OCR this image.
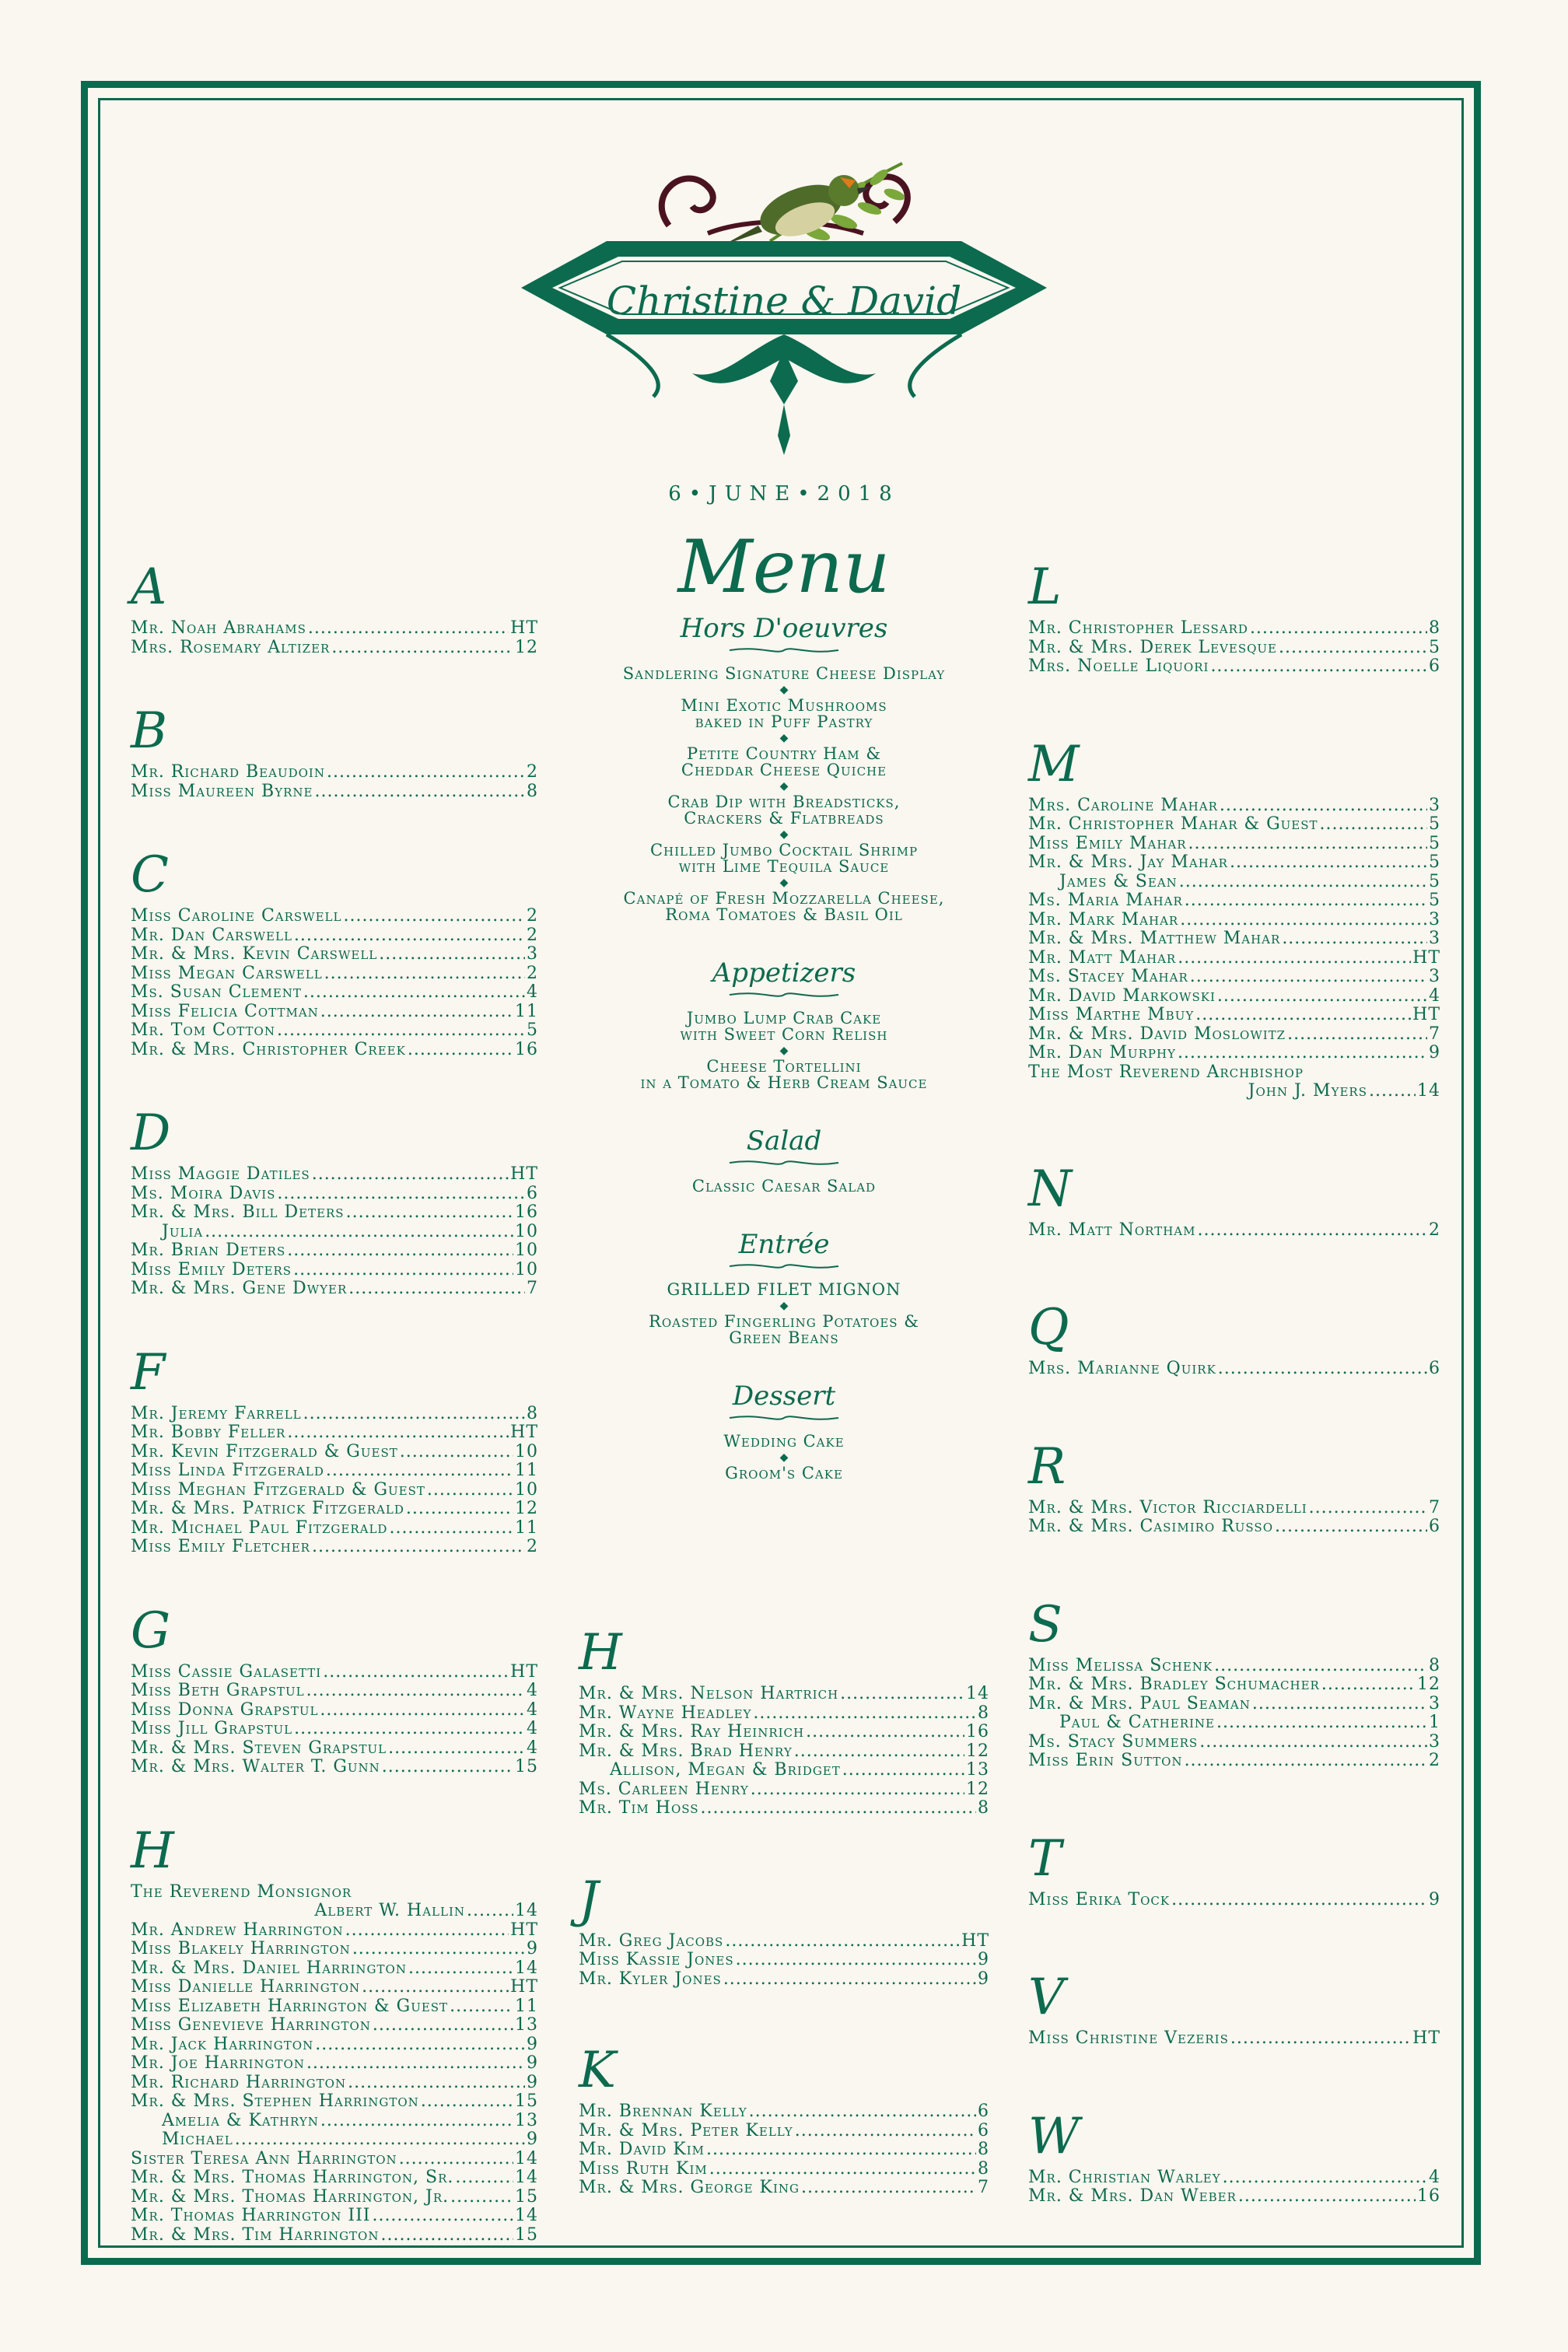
Christine & David
6•JUNE•2018
A
Mr. Noah Abrahams .....	HT
Mrs. Rosemary Altizer .....	12
B
Mr. Richard Beaudoin .....	2
Miss Maureen Byrne .....	8
C
Miss Caroline Carswell .....	2
Mr. Dan Carswell .....	2
Mr. & Mrs. Kevin Carswell .....	3
Miss Megan Carswell .....	2
Ms. Susan Clement .....	4
Miss Felicia Cottman .....	11
Mr. Tom Cotton .....	5
Mr. & Mrs. Christopher Creek .....	16
D
Miss Maggie Datiles .....	HT
Ms. Moira Davis .....	6
Mr. & Mrs. Bill Deters .....	16
Julia .....	10
Mr. Brian Deters .....	10
Miss Emily Deters .....	10
Mr. & Mrs. Gene Dwyer .....	7
F
Mr. Jeremy Farrell .....	8
Mr. Bobby Feller .....	HT
Mr. Kevin Fitzgerald & Guest .....	10
Miss Linda Fitzgerald .....	11
Miss Meghan Fitzgerald & Guest .....	10
Mr. & Mrs. Patrick Fitzgerald .....	12
Mr. Michael Paul Fitzgerald .....	11
Miss Emily Fletcher .....	2
G
Miss Cassie Galasetti .....	HT
Miss Beth Grapstul .....	4
Miss Donna Grapstul .....	4
Miss Jill Grapstul .....	4
Mr. & Mrs. Steven Grapstul .....	4
Mr. & Mrs. Walter T. Gunn .....	15
H
The Reverend Monsignor
Albert W. Hallin .....	14
Mr. Andrew Harrington .....	HT
Miss Blakely Harrington .....	9
Mr. & Mrs. Daniel Harrington .....	14
Miss Danielle Harrington .....	HT
Miss Elizabeth Harrington & Guest .....	11
Miss Genevieve Harrington .....	13
Mr. Jack Harrington .....	9
Mr. Joe Harrington .....	9
Mr. Richard Harrington .....	9
Mr. & Mrs. Stephen Harrington .....	15
Amelia & Kathryn .....	13
Michael .....	9
Sister Teresa Ann Harrington .....	14
Mr. & Mrs. Thomas Harrington, Sr. .....	14
Mr. & Mrs. Thomas Harrington, Jr. .....	15
Mr. Thomas Harrington III .....	14
Mr. & Mrs. Tim Harrington .....	15
H
Mr. & Mrs. Nelson Hartrich .....	14
Mr. Wayne Headley .....	8
Mr. & Mrs. Ray Heinrich .....	16
Mr. & Mrs. Brad Henry .....	12
Allison, Megan & Bridget .....	13
Ms. Carleen Henry .....	12
Mr. Tim Hoss .....	8
J
Mr. Greg Jacobs .....	HT
Miss Kassie Jones .....	9
Mr. Kyler Jones .....	9
K
Mr. Brennan Kelly .....	6
Mr. & Mrs. Peter Kelly .....	6
Mr. David Kim .....	8
Miss Ruth Kim .....	8
Mr. & Mrs. George King .....	7
L
Mr. Christopher Lessard .....	8
Mr. & Mrs. Derek Levesque .....	5
Mrs. Noelle Liquori .....	6
M
Mrs. Caroline Mahar .....	3
Mr. Christopher Mahar & Guest .....	5
Miss Emily Mahar .....	5
Mr. & Mrs. Jay Mahar .....	5
James & Sean .....	5
Ms. Maria Mahar .....	5
Mr. Mark Mahar .....	3
Mr. & Mrs. Matthew Mahar .....	3
Mr. Matt Mahar .....	HT
Ms. Stacey Mahar .....	3
Mr. David Markowski .....	4
Miss Marthe Mbuy .....	HT
Mr. & Mrs. David Moslowitz .....	7
Mr. Dan Murphy .....	9
The Most Reverend Archbishop
John J. Myers .....	14
N
Mr. Matt Northam .....	2
Q
Mrs. Marianne Quirk .....	6
R
Mr. & Mrs. Victor Ricciardelli .....	7
Mr. & Mrs. Casimiro Russo .....	6
S
Miss Melissa Schenk .....	8
Mr. & Mrs. Bradley Schumacher .....	12
Mr. & Mrs. Paul Seaman .....	3
Paul & Catherine .....	1
Ms. Stacy Summers .....	3
Miss Erin Sutton .....	2
T
Miss Erika Tock .....	9
V
Miss Christine Vezeris .....	HT
W
Mr. Christian Warley .....	4
Mr. & Mrs. Dan Weber .....	16
Menu
Hors D'oeuvres
Sandlering Signature Cheese Display
◆
Mini Exotic Mushrooms
baked in Puff Pastry
◆
Petite Country Ham &
Cheddar Cheese Quiche
◆
Crab Dip with Breadsticks,
Crackers & Flatbreads
◆
Chilled Jumbo Cocktail Shrimp
with Lime Tequila Sauce
◆
Canapé of Fresh Mozzarella Cheese,
Roma Tomatoes & Basil Oil
Appetizers
Jumbo Lump Crab Cake
with Sweet Corn Relish
◆
Cheese Tortellini
in a Tomato & Herb Cream Sauce
Salad
Classic Caesar Salad
Entrée
GRILLED FILET MIGNON
◆
Roasted Fingerling Potatoes &
Green Beans
Dessert
Wedding Cake
◆
Groom's Cake
